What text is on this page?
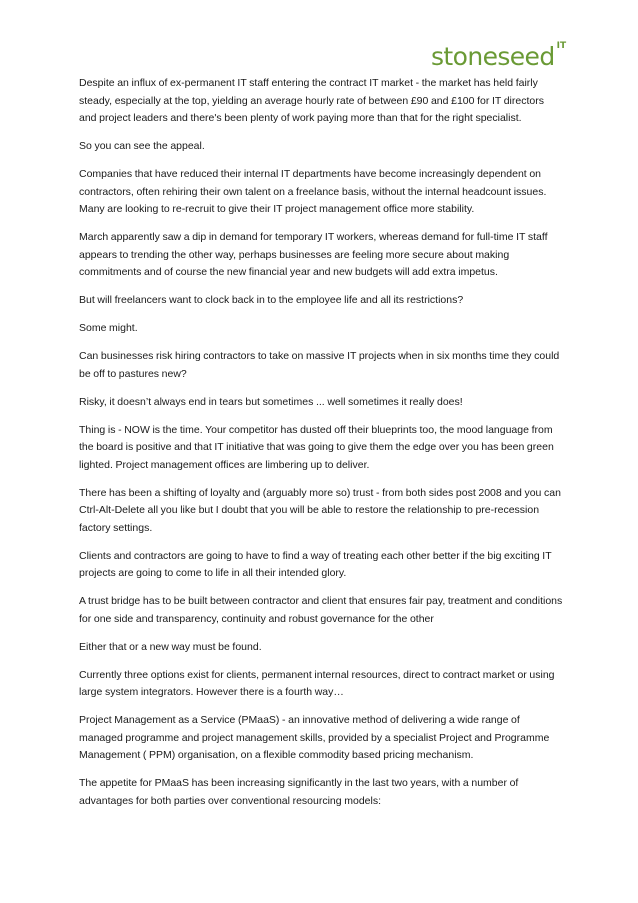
stoneseed IT

Despite an influx of ex-permanent IT staff entering the contract IT market - the market has held fairly steady, especially at the top, yielding an average hourly rate of between £90 and £100 for IT directors and project leaders and there's been plenty of work paying more than that for the right specialist.

So you can see the appeal.

Companies that have reduced their internal IT departments have become increasingly dependent on contractors, often rehiring their own talent on a freelance basis, without the internal headcount issues. Many are looking to re-recruit to give their IT project management office more stability.

March apparently saw a dip in demand for temporary IT workers, whereas demand for full-time IT staff appears to trending the other way, perhaps businesses are feeling more secure about making commitments and of course the new financial year and new budgets will add extra impetus.

But will freelancers want to clock back in to the employee life and all its restrictions?

Some might.

Can businesses risk hiring contractors to take on massive IT projects when in six months time they could be off to pastures new?

Risky, it doesn’t always end in tears but sometimes ... well sometimes it really does!

Thing is - NOW is the time. Your competitor has dusted off their blueprints too, the mood language from the board is positive and that IT initiative that was going to give them the edge over you has been green lighted. Project management offices are limbering up to deliver.

There has been a shifting of loyalty and (arguably more so) trust - from both sides post 2008 and you can Ctrl-Alt-Delete all you like but I doubt that you will be able to restore the relationship to pre-recession factory settings.

Clients and contractors are going to have to find a way of treating each other better if the big exciting IT projects are going to come to life in all their intended glory.

A trust bridge has to be built between contractor and client that ensures fair pay, treatment and conditions for one side and transparency, continuity and robust governance for the other

Either that or a new way must be found.

Currently three options exist for clients, permanent internal resources, direct to contract market or using large system integrators. However there is a fourth way…

Project Management as a Service (PMaaS) - an innovative method of delivering a wide range of managed programme and project management skills, provided by a specialist Project and Programme Management ( PPM) organisation, on a flexible commodity based pricing mechanism.

The appetite for PMaaS has been increasing significantly in the last two years, with a number of advantages for both parties over conventional resourcing models:
